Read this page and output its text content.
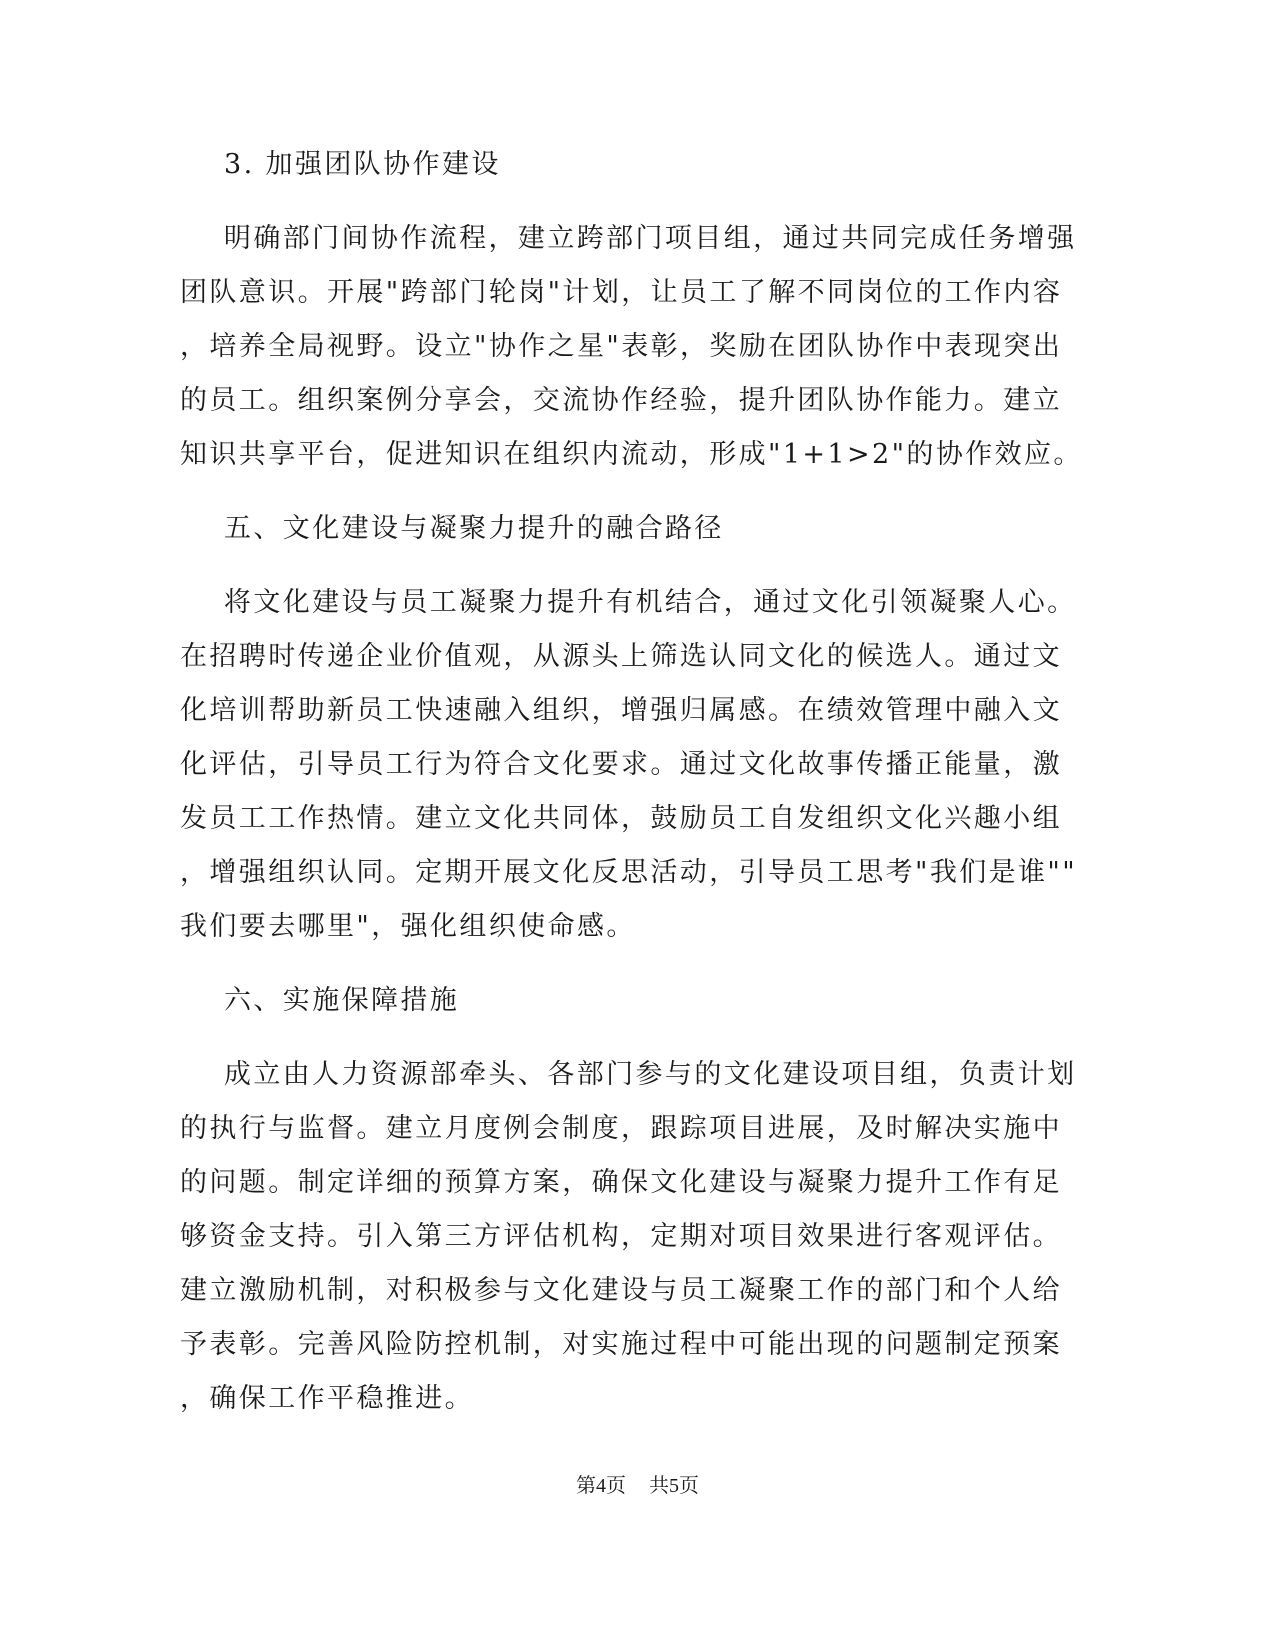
3. 加强团队协作建设
明确部门间协作流程，建立跨部门项目组，通过共同完成任务增强
团队意识。开展"跨部门轮岗"计划，让员工了解不同岗位的工作内容
，培养全局视野。设立"协作之星"表彰，奖励在团队协作中表现突出
的员工。组织案例分享会，交流协作经验，提升团队协作能力。建立
知识共享平台，促进知识在组织内流动，形成"1+1>2"的协作效应。
五、文化建设与凝聚力提升的融合路径
将文化建设与员工凝聚力提升有机结合，通过文化引领凝聚人心。
在招聘时传递企业价值观，从源头上筛选认同文化的候选人。通过文
化培训帮助新员工快速融入组织，增强归属感。在绩效管理中融入文
化评估，引导员工行为符合文化要求。通过文化故事传播正能量，激
发员工工作热情。建立文化共同体，鼓励员工自发组织文化兴趣小组
，增强组织认同。定期开展文化反思活动，引导员工思考"我们是谁""
我们要去哪里"，强化组织使命感。
六、实施保障措施
成立由人力资源部牵头、各部门参与的文化建设项目组，负责计划
的执行与监督。建立月度例会制度，跟踪项目进展，及时解决实施中
的问题。制定详细的预算方案，确保文化建设与凝聚力提升工作有足
够资金支持。引入第三方评估机构，定期对项目效果进行客观评估。
建立激励机制，对积极参与文化建设与员工凝聚工作的部门和个人给
予表彰。完善风险防控机制，对实施过程中可能出现的问题制定预案
，确保工作平稳推进。
第4页 共5页
